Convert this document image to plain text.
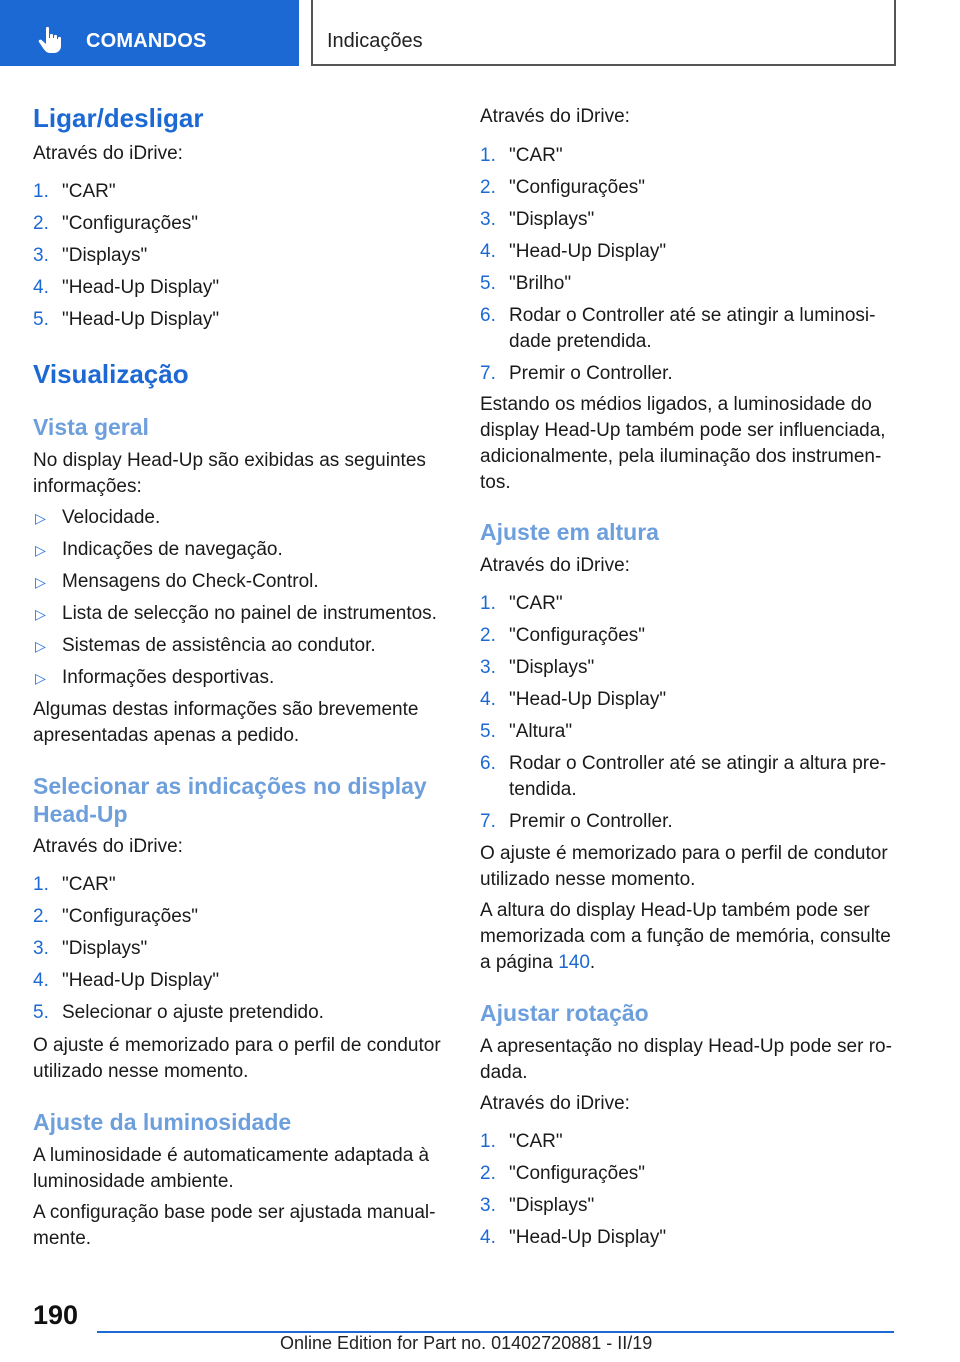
COMANDOS	Indicações
Ligar/desligar
Através do iDrive:
1. "CAR"
2. "Configurações"
3. "Displays"
4. "Head-Up Display"
5. "Head-Up Display"
Visualização
Vista geral
No display Head-Up são exibidas as seguintes informações:
▷ Velocidade.
▷ Indicações de navegação.
▷ Mensagens do Check-Control.
▷ Lista de selecção no painel de instrumentos.
▷ Sistemas de assistência ao condutor.
▷ Informações desportivas.
Algumas destas informações são brevemente apresentadas apenas a pedido.
Selecionar as indicações no display Head-Up
Através do iDrive:
1. "CAR"
2. "Configurações"
3. "Displays"
4. "Head-Up Display"
5. Selecionar o ajuste pretendido.
O ajuste é memorizado para o perfil de condutor utilizado nesse momento.
Ajuste da luminosidade
A luminosidade é automaticamente adaptada à luminosidade ambiente.
A configuração base pode ser ajustada manual-mente.
Através do iDrive:
1. "CAR"
2. "Configurações"
3. "Displays"
4. "Head-Up Display"
5. "Brilho"
6. Rodar o Controller até se atingir a luminosi-dade pretendida.
7. Premir o Controller.
Estando os médios ligados, a luminosidade do display Head-Up também pode ser influenciada, adicionalmente, pela iluminação dos instrumen-tos.
Ajuste em altura
Através do iDrive:
1. "CAR"
2. "Configurações"
3. "Displays"
4. "Head-Up Display"
5. "Altura"
6. Rodar o Controller até se atingir a altura pre-tendida.
7. Premir o Controller.
O ajuste é memorizado para o perfil de condutor utilizado nesse momento.
A altura do display Head-Up também pode ser memorizada com a função de memória, consulte a página 140.
Ajustar rotação
A apresentação no display Head-Up pode ser ro-dada.
Através do iDrive:
1. "CAR"
2. "Configurações"
3. "Displays"
4. "Head-Up Display"
190
Online Edition for Part no. 01402720881 - II/19
